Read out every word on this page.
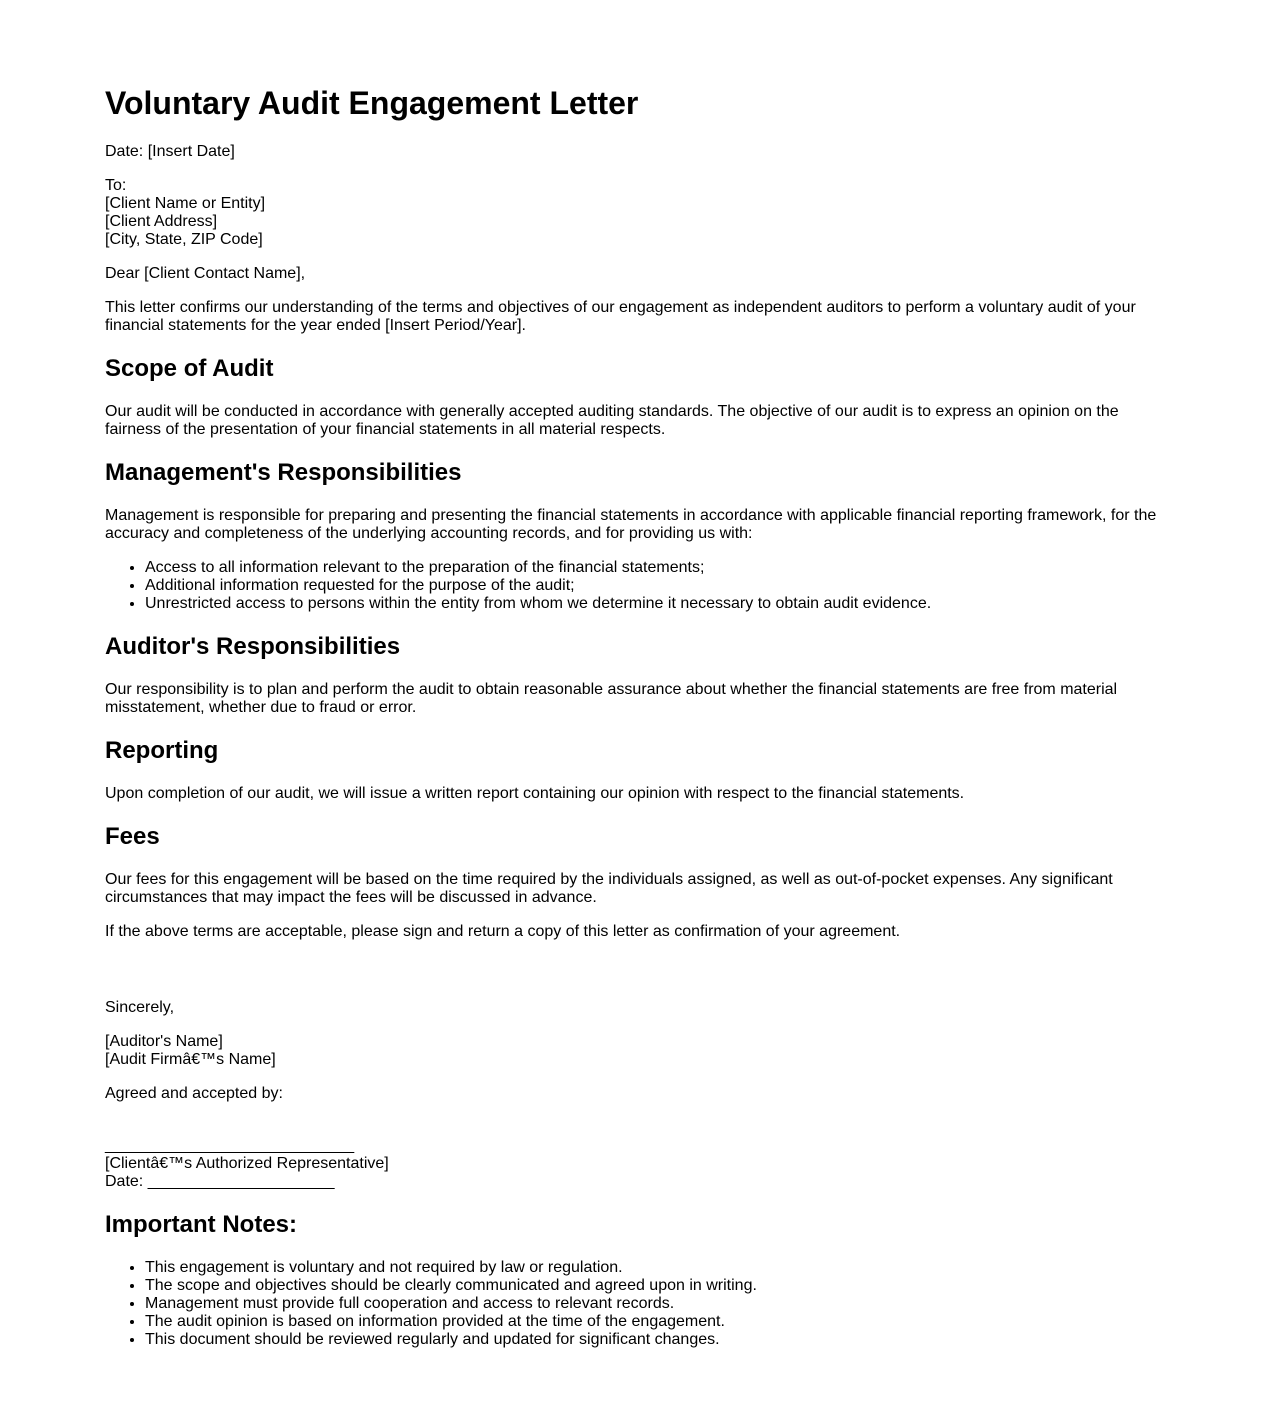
Voluntary Audit Engagement Letter

Date: [Insert Date]

To:
[Client Name or Entity]
[Client Address]
[City, State, ZIP Code]

Dear [Client Contact Name],

This letter confirms our understanding of the terms and objectives of our engagement as independent auditors to perform a voluntary audit of your financial statements for the year ended [Insert Period/Year].

Scope of Audit

Our audit will be conducted in accordance with generally accepted auditing standards. The objective of our audit is to express an opinion on the fairness of the presentation of your financial statements in all material respects.

Management's Responsibilities

Management is responsible for preparing and presenting the financial statements in accordance with applicable financial reporting framework, for the accuracy and completeness of the underlying accounting records, and for providing us with:

• Access to all information relevant to the preparation of the financial statements;
• Additional information requested for the purpose of the audit;
• Unrestricted access to persons within the entity from whom we determine it necessary to obtain audit evidence.
Auditor's Responsibilities

Our responsibility is to plan and perform the audit to obtain reasonable assurance about whether the financial statements are free from material misstatement, whether due to fraud or error.

Reporting

Upon completion of our audit, we will issue a written report containing our opinion with respect to the financial statements.

Fees

Our fees for this engagement will be based on the time required by the individuals assigned, as well as out-of-pocket expenses. Any significant circumstances that may impact the fees will be discussed in advance.

If the above terms are acceptable, please sign and return a copy of this letter as confirmation of your agreement.

Sincerely,

[Auditor's Name]
[Audit Firmâ€™s Name]

Agreed and accepted by:

____________________________
[Clientâ€™s Authorized Representative]
Date: _____________________
Important Notes:
• This engagement is voluntary and not required by law or regulation.
• The scope and objectives should be clearly communicated and agreed upon in writing.
• Management must provide full cooperation and access to relevant records.
• The audit opinion is based on information provided at the time of the engagement.
• This document should be reviewed regularly and updated for significant changes.
